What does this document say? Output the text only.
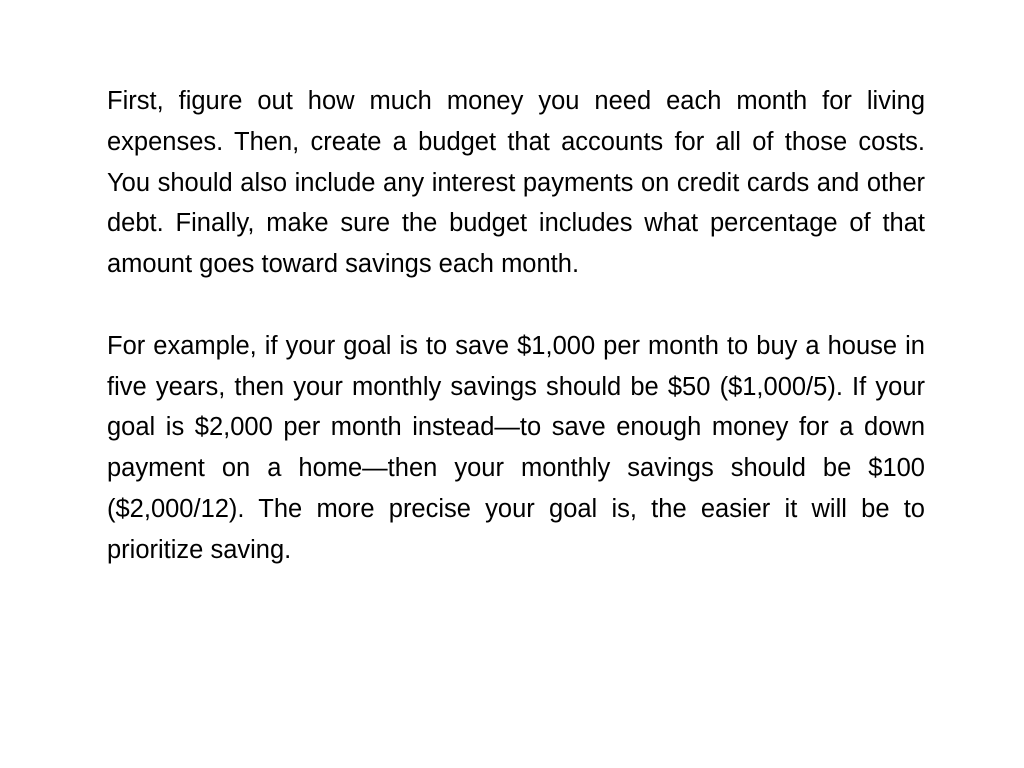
First, figure out how much money you need each month for living expenses. Then, create a budget that accounts for all of those costs. You should also include any interest payments on credit cards and other debt. Finally, make sure the budget includes what percentage of that amount goes toward savings each month.

For example, if your goal is to save $1,000 per month to buy a house in five years, then your monthly savings should be $50 ($1,000/5). If your goal is $2,000 per month instead—to save enough money for a down payment on a home—then your monthly savings should be $100 ($2,000/12). The more precise your goal is, the easier it will be to prioritize saving.
